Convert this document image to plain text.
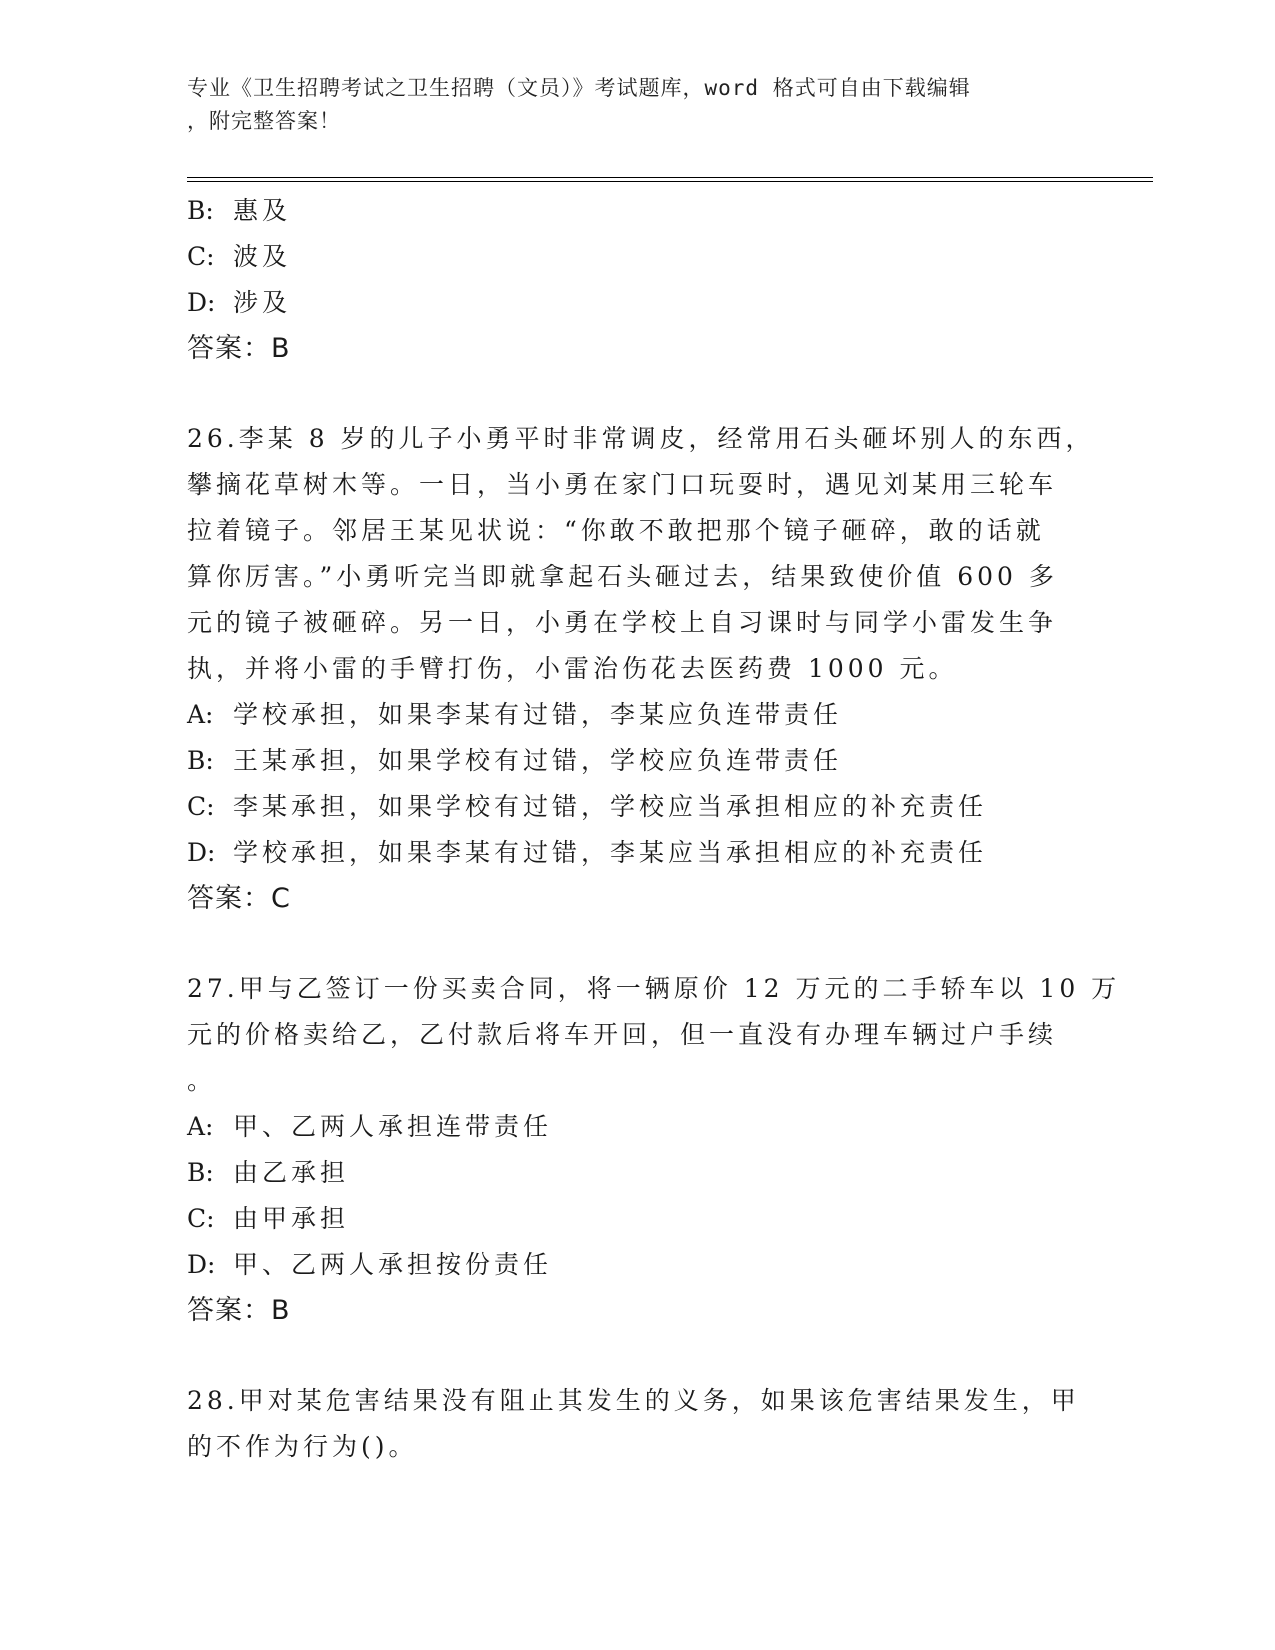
专业《卫生招聘考试之卫生招聘（文员）》考试题库，word 格式可自由下载编辑
，附完整答案！
B: 惠及
C: 波及
D: 涉及
答案：B
26.李某 8 岁的儿子小勇平时非常调皮，经常用石头砸坏别人的东西，
攀摘花草树木等。一日，当小勇在家门口玩耍时，遇见刘某用三轮车
拉着镜子。邻居王某见状说：“你敢不敢把那个镜子砸碎，敢的话就
算你厉害。”小勇听完当即就拿起石头砸过去，结果致使价值 600 多
元的镜子被砸碎。另一日，小勇在学校上自习课时与同学小雷发生争
执，并将小雷的手臂打伤，小雷治伤花去医药费 1000 元。
A: 学校承担，如果李某有过错，李某应负连带责任
B: 王某承担，如果学校有过错，学校应负连带责任
C: 李某承担，如果学校有过错，学校应当承担相应的补充责任
D: 学校承担，如果李某有过错，李某应当承担相应的补充责任
答案：C
27.甲与乙签订一份买卖合同，将一辆原价 12 万元的二手轿车以 10 万
元的价格卖给乙，乙付款后将车开回，但一直没有办理车辆过户手续
。
A: 甲、乙两人承担连带责任
B: 由乙承担
C: 由甲承担
D: 甲、乙两人承担按份责任
答案：B
28.甲对某危害结果没有阻止其发生的义务，如果该危害结果发生，甲
的不作为行为()。
